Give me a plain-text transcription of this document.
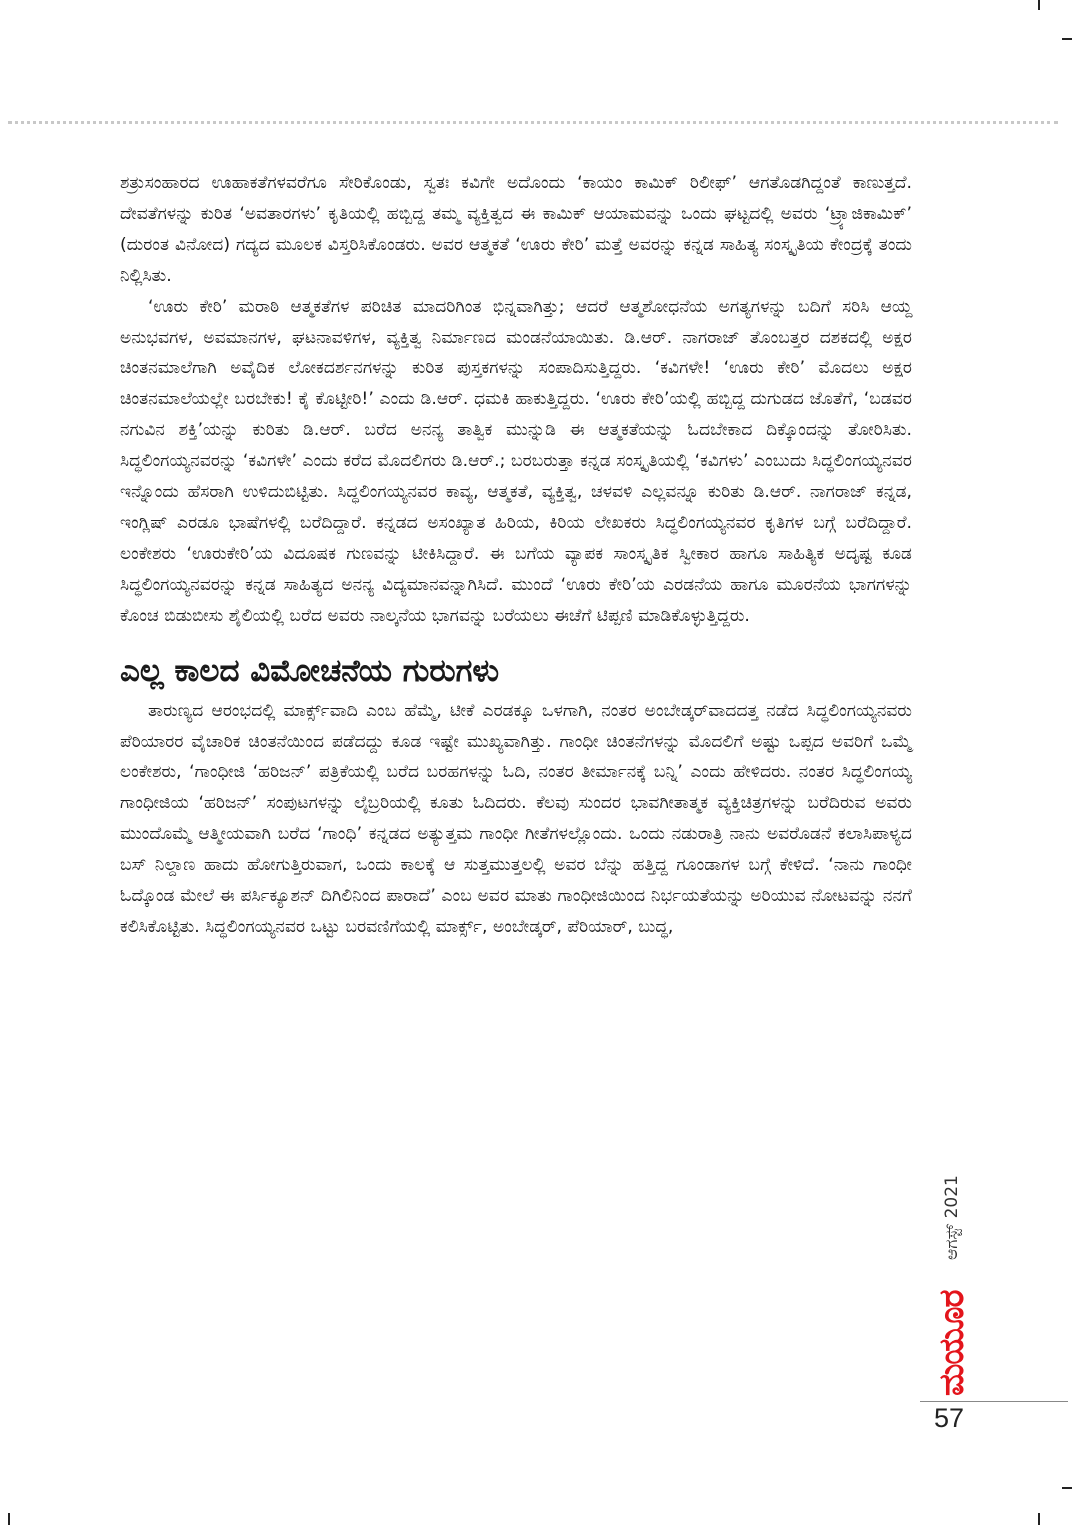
ಶತ್ರುಸಂಹಾರದ ಊಹಾಕತೆಗಳವರೆಗೂ ಸೇರಿಕೊಂಡು, ಸ್ವತಃ ಕವಿಗೇ ಅದೊಂದು ‘ಕಾಯಂ ಕಾಮಿಕ್ ರಿಲೀಫ್’ ಆಗತೊಡಗಿದ್ದಂತೆ ಕಾಣುತ್ತದೆ. ದೇವತೆಗಳನ್ನು ಕುರಿತ ‘ಅವತಾರಗಳು’ ಕೃತಿಯಲ್ಲಿ ಹಬ್ಬಿದ್ದ ತಮ್ಮ ವ್ಯಕ್ತಿತ್ವದ ಈ ಕಾಮಿಕ್ ಆಯಾಮವನ್ನು ಒಂದು ಘಟ್ಟದಲ್ಲಿ ಅವರು ‘ಟ್ರ್ಯಾಜಿಕಾಮಿಕ್’ (ದುರಂತ ವಿನೋದ) ಗದ್ಯದ ಮೂಲಕ ವಿಸ್ತರಿಸಿಕೊಂಡರು. ಅವರ ಆತ್ಮಕತೆ ‘ಊರು ಕೇರಿ’ ಮತ್ತೆ ಅವರನ್ನು ಕನ್ನಡ ಸಾಹಿತ್ಯ ಸಂಸ್ಕೃತಿಯ ಕೇಂದ್ರಕ್ಕೆ ತಂದು ನಿಲ್ಲಿಸಿತು.

‘ಊರು ಕೇರಿ’ ಮರಾಠಿ ಆತ್ಮಕತೆಗಳ ಪರಿಚಿತ ಮಾದರಿಗಿಂತ ಭಿನ್ನವಾಗಿತ್ತು; ಆದರೆ ಆತ್ಮಶೋಧನೆಯ ಅಗತ್ಯಗಳನ್ನು ಬದಿಗೆ ಸರಿಸಿ ಆಯ್ದ ಅನುಭವಗಳ, ಅವಮಾನಗಳ, ಘಟನಾವಳಿಗಳ, ವ್ಯಕ್ತಿತ್ವ ನಿರ್ಮಾಣದ ಮಂಡನೆಯಾಯಿತು. ಡಿ.ಆರ್. ನಾಗರಾಜ್ ತೊಂಬತ್ತರ ದಶಕದಲ್ಲಿ ಅಕ್ಷರ ಚಿಂತನಮಾಲೆಗಾಗಿ ಅವೈದಿಕ ಲೋಕದರ್ಶನಗಳನ್ನು ಕುರಿತ ಪುಸ್ತಕಗಳನ್ನು ಸಂಪಾದಿಸುತ್ತಿದ್ದರು. ‘ಕವಿಗಳೇ! ‘ಊರು ಕೇರಿ’ ಮೊದಲು ಅಕ್ಷರ ಚಿಂತನಮಾಲೆಯಲ್ಲೇ ಬರಬೇಕು! ಕೈ ಕೊಟ್ಟೀರಿ!’ ಎಂದು ಡಿ.ಆರ್. ಧಮಕಿ ಹಾಕುತ್ತಿದ್ದರು. ‘ಊರು ಕೇರಿ’ಯಲ್ಲಿ ಹಬ್ಬಿದ್ದ ದುಗುಡದ ಜೊತೆಗೆ, ‘ಬಡವರ ನಗುವಿನ ಶಕ್ತಿ’ಯನ್ನು ಕುರಿತು ಡಿ.ಆರ್. ಬರೆದ ಅನನ್ಯ ತಾತ್ವಿಕ ಮುನ್ನುಡಿ ಈ ಆತ್ಮಕತೆಯನ್ನು ಓದಬೇಕಾದ ದಿಕ್ಕೊಂದನ್ನು ತೋರಿಸಿತು. ಸಿದ್ಧಲಿಂಗಯ್ಯನವರನ್ನು ‘ಕವಿಗಳೇ’ ಎಂದು ಕರೆದ ಮೊದಲಿಗರು ಡಿ.ಆರ್.; ಬರಬರುತ್ತಾ ಕನ್ನಡ ಸಂಸ್ಕೃತಿಯಲ್ಲಿ ‘ಕವಿಗಳು’ ಎಂಬುದು ಸಿದ್ಧಲಿಂಗಯ್ಯನವರ ಇನ್ನೊಂದು ಹೆಸರಾಗಿ ಉಳಿದುಬಿಟ್ಟಿತು. ಸಿದ್ಧಲಿಂಗಯ್ಯನವರ ಕಾವ್ಯ, ಆತ್ಮಕತೆ, ವ್ಯಕ್ತಿತ್ವ, ಚಳವಳಿ ಎಲ್ಲವನ್ನೂ ಕುರಿತು ಡಿ.ಆರ್. ನಾಗರಾಜ್ ಕನ್ನಡ, ಇಂಗ್ಲಿಷ್ ಎರಡೂ ಭಾಷೆಗಳಲ್ಲಿ ಬರೆದಿದ್ದಾರೆ. ಕನ್ನಡದ ಅಸಂಖ್ಯಾತ ಹಿರಿಯ, ಕಿರಿಯ ಲೇಖಕರು ಸಿದ್ಧಲಿಂಗಯ್ಯನವರ ಕೃತಿಗಳ ಬಗ್ಗೆ ಬರೆದಿದ್ದಾರೆ. ಲಂಕೇಶರು ‘ಊರುಕೇರಿ’ಯ ವಿದೂಷಕ ಗುಣವನ್ನು ಟೀಕಿಸಿದ್ದಾರೆ. ಈ ಬಗೆಯ ವ್ಯಾಪಕ ಸಾಂಸ್ಕೃತಿಕ ಸ್ವೀಕಾರ ಹಾಗೂ ಸಾಹಿತ್ಯಿಕ ಅದೃಷ್ಟ ಕೂಡ ಸಿದ್ಧಲಿಂಗಯ್ಯನವರನ್ನು ಕನ್ನಡ ಸಾಹಿತ್ಯದ ಅನನ್ಯ ವಿದ್ಯಮಾನವನ್ನಾಗಿಸಿದೆ. ಮುಂದೆ ‘ಊರು ಕೇರಿ’ಯ ಎರಡನೆಯ ಹಾಗೂ ಮೂರನೆಯ ಭಾಗಗಳನ್ನು ಕೊಂಚ ಬಿಡುಬೀಸು ಶೈಲಿಯಲ್ಲಿ ಬರೆದ ಅವರು ನಾಲ್ಕನೆಯ ಭಾಗವನ್ನು ಬರೆಯಲು ಈಚೆಗೆ ಟಿಪ್ಪಣಿ ಮಾಡಿಕೊಳ್ಳುತ್ತಿದ್ದರು.

ಎಲ್ಲ ಕಾಲದ ವಿಮೋಚನೆಯ ಗುರುಗಳು

ತಾರುಣ್ಯದ ಆರಂಭದಲ್ಲಿ ಮಾರ್ಕ್ಸ್‌ವಾದಿ ಎಂಬ ಹೆಮ್ಮೆ, ಟೀಕೆ ಎರಡಕ್ಕೂ ಒಳಗಾಗಿ, ನಂತರ ಅಂಬೇಡ್ಕರ್‌ವಾದದತ್ತ ನಡೆದ ಸಿದ್ಧಲಿಂಗಯ್ಯನವರು ಪೆರಿಯಾರರ ವೈಚಾರಿಕ ಚಿಂತನೆಯಿಂದ ಪಡೆದದ್ದು ಕೂಡ ಇಷ್ಟೇ ಮುಖ್ಯವಾಗಿತ್ತು. ಗಾಂಧೀ ಚಿಂತನೆಗಳನ್ನು ಮೊದಲಿಗೆ ಅಷ್ಟು ಒಪ್ಪದ ಅವರಿಗೆ ಒಮ್ಮೆ ಲಂಕೇಶರು, ‘ಗಾಂಧೀಜಿ ‘ಹರಿಜನ್’ ಪತ್ರಿಕೆಯಲ್ಲಿ ಬರೆದ ಬರಹಗಳನ್ನು ಓದಿ, ನಂತರ ತೀರ್ಮಾನಕ್ಕೆ ಬನ್ನಿ’ ಎಂದು ಹೇಳಿದರು. ನಂತರ ಸಿದ್ಧಲಿಂಗಯ್ಯ ಗಾಂಧೀಜಿಯ ‘ಹರಿಜನ್’ ಸಂಪುಟಗಳನ್ನು ಲೈಬ್ರರಿಯಲ್ಲಿ ಕೂತು ಓದಿದರು. ಕೆಲವು ಸುಂದರ ಭಾವಗೀತಾತ್ಮಕ ವ್ಯಕ್ತಿಚಿತ್ರಗಳನ್ನು ಬರೆದಿರುವ ಅವರು ಮುಂದೊಮ್ಮೆ ಆತ್ಮೀಯವಾಗಿ ಬರೆದ ‘ಗಾಂಧಿ’ ಕನ್ನಡದ ಅತ್ಯುತ್ತಮ ಗಾಂಧೀ ಗೀತೆಗಳಲ್ಲೊಂದು. ಒಂದು ನಡುರಾತ್ರಿ ನಾನು ಅವರೊಡನೆ ಕಲಾಸಿಪಾಳ್ಯದ ಬಸ್ ನಿಲ್ದಾಣ ಹಾದು ಹೋಗುತ್ತಿರುವಾಗ, ಒಂದು ಕಾಲಕ್ಕೆ ಆ ಸುತ್ತಮುತ್ತಲಲ್ಲಿ ಅವರ ಬೆನ್ನು ಹತ್ತಿದ್ದ ಗೂಂಡಾಗಳ ಬಗ್ಗೆ ಕೇಳಿದೆ. ‘ನಾನು ಗಾಂಧೀ ಓದ್ಕೊಂಡ ಮೇಲೆ ಈ ಪರ್ಸಿಕ್ಯೂಶನ್ ದಿಗಿಲಿನಿಂದ ಪಾರಾದೆ’ ಎಂಬ ಅವರ ಮಾತು ಗಾಂಧೀಜಿಯಿಂದ ನಿರ್ಭಯತೆಯನ್ನು ಅರಿಯುವ ನೋಟವನ್ನು ನನಗೆ ಕಲಿಸಿಕೊಟ್ಟಿತು. ಸಿದ್ಧಲಿಂಗಯ್ಯನವರ ಒಟ್ಟು ಬರವಣಿಗೆಯಲ್ಲಿ ಮಾರ್ಕ್ಸ್, ಅಂಬೇಡ್ಕರ್, ಪೆರಿಯಾರ್, ಬುದ್ಧ,

ಆಗಸ್ಟ್ 2021
ಮಯೂರ
57
